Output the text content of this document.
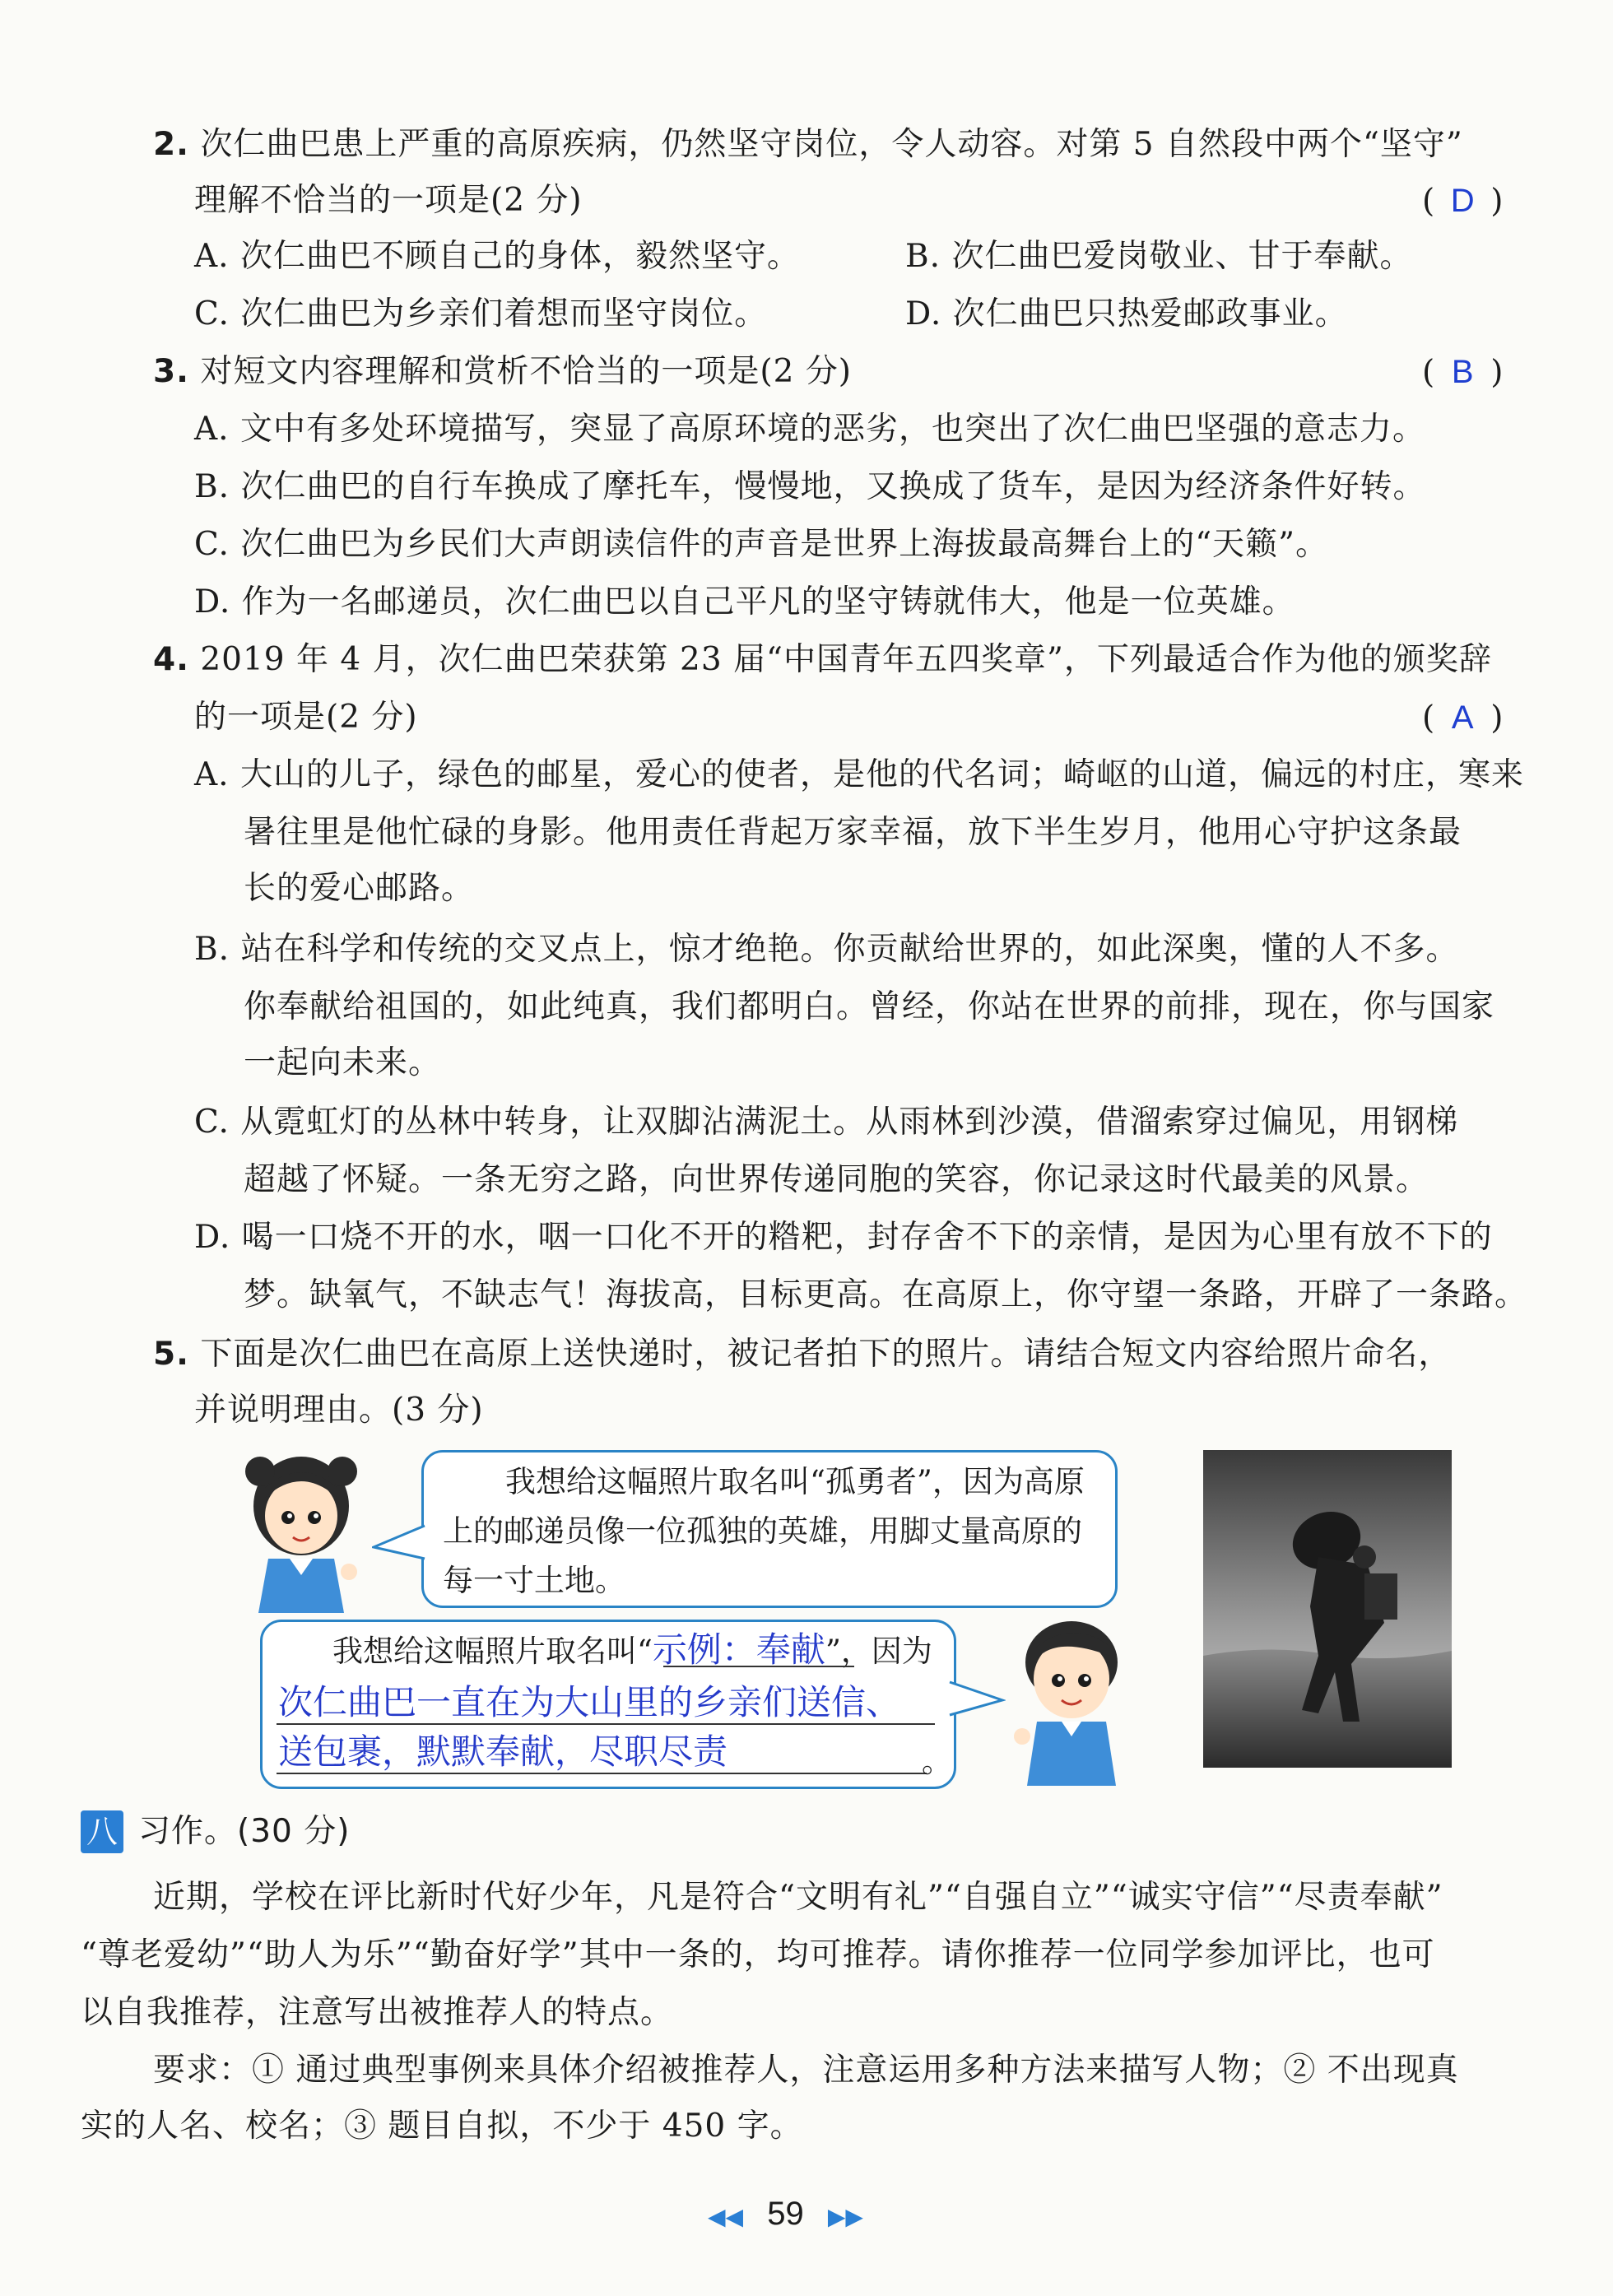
2. 次仁曲巴患上严重的高原疾病，仍然坚守岗位，令人动容。对第 5 自然段中两个“坚守”
理解不恰当的一项是(2 分)	( D )
A. 次仁曲巴不顾自己的身体，毅然坚守。	B. 次仁曲巴爱岗敬业、甘于奉献。
C. 次仁曲巴为乡亲们着想而坚守岗位。	D. 次仁曲巴只热爱邮政事业。
3. 对短文内容理解和赏析不恰当的一项是(2 分)	( B )
A. 文中有多处环境描写，突显了高原环境的恶劣，也突出了次仁曲巴坚强的意志力。
B. 次仁曲巴的自行车换成了摩托车，慢慢地，又换成了货车，是因为经济条件好转。
C. 次仁曲巴为乡民们大声朗读信件的声音是世界上海拔最高舞台上的“天籁”。
D. 作为一名邮递员，次仁曲巴以自己平凡的坚守铸就伟大，他是一位英雄。
4. 2019 年 4 月，次仁曲巴荣获第 23 届“中国青年五四奖章”，下列最适合作为他的颁奖辞
的一项是(2 分)	( A )
A. 大山的儿子，绿色的邮星，爱心的使者，是他的代名词；崎岖的山道，偏远的村庄，寒来
暑往里是他忙碌的身影。他用责任背起万家幸福，放下半生岁月，他用心守护这条最
长的爱心邮路。
B. 站在科学和传统的交叉点上，惊才绝艳。你贡献给世界的，如此深奥，懂的人不多。
你奉献给祖国的，如此纯真，我们都明白。曾经，你站在世界的前排，现在，你与国家
一起向未来。
C. 从霓虹灯的丛林中转身，让双脚沾满泥土。从雨林到沙漠，借溜索穿过偏见，用钢梯
超越了怀疑。一条无穷之路，向世界传递同胞的笑容，你记录这时代最美的风景。
D. 喝一口烧不开的水，咽一口化不开的糌粑，封存舍不下的亲情，是因为心里有放不下的
梦。缺氧气，不缺志气！海拔高，目标更高。在高原上，你守望一条路，开辟了一条路。
5. 下面是次仁曲巴在高原上送快递时，被记者拍下的照片。请结合短文内容给照片命名，
并说明理由。(3 分)
我想给这幅照片取名叫“孤勇者”，因为高原
上的邮递员像一位孤独的英雄，用脚丈量高原的
每一寸土地。
我想给这幅照片取名叫“示例：奉献”，因为
次仁曲巴一直在为大山里的乡亲们送信、
送包裹，默默奉献，尽职尽责	。
八 习作。(30 分)
近期，学校在评比新时代好少年，凡是符合“文明有礼”“自强自立”“诚实守信”“尽责奉献”
“尊老爱幼”“助人为乐”“勤奋好学”其中一条的，均可推荐。请你推荐一位同学参加评比，也可
以自我推荐，注意写出被推荐人的特点。
要求：① 通过典型事例来具体介绍被推荐人，注意运用多种方法来描写人物；② 不出现真
实的人名、校名；③ 题目自拟，不少于 450 字。
◀◀ 59 ▶▶
